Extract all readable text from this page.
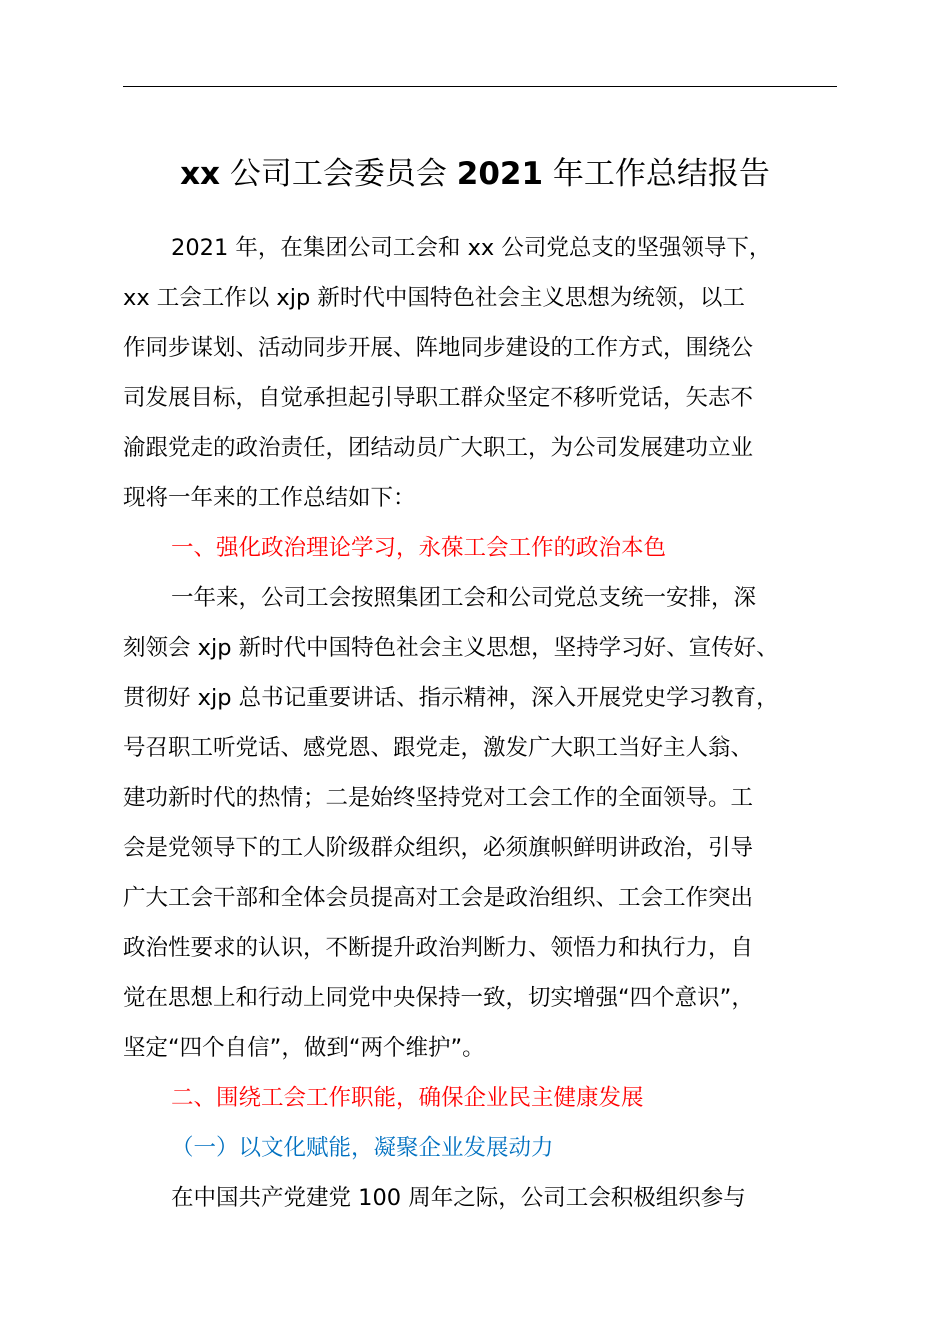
xx 公司工会委员会 2021 年工作总结报告
2021 年，在集团公司工会和 xx 公司党总支的坚强领导下，
xx 工会工作以 xjp 新时代中国特色社会主义思想为统领，以工
作同步谋划、活动同步开展、阵地同步建设的工作方式，围绕公
司发展目标，自觉承担起引导职工群众坚定不移听党话，矢志不
渝跟党走的政治责任，团结动员广大职工，为公司发展建功立业
现将一年来的工作总结如下：
一、强化政治理论学习，永葆工会工作的政治本色
一年来，公司工会按照集团工会和公司党总支统一安排，深
刻领会 xjp 新时代中国特色社会主义思想，坚持学习好、宣传好、
贯彻好 xjp 总书记重要讲话、指示精神，深入开展党史学习教育，
号召职工听党话、感党恩、跟党走，激发广大职工当好主人翁、
建功新时代的热情；二是始终坚持党对工会工作的全面领导。工
会是党领导下的工人阶级群众组织，必须旗帜鲜明讲政治，引导
广大工会干部和全体会员提高对工会是政治组织、工会工作突出
政治性要求的认识，不断提升政治判断力、领悟力和执行力，自
觉在思想上和行动上同党中央保持一致，切实增强“四个意识”，
坚定“四个自信”，做到“两个维护”。
二、围绕工会工作职能，确保企业民主健康发展
（一）以文化赋能，凝聚企业发展动力
在中国共产党建党 100 周年之际，公司工会积极组织参与
